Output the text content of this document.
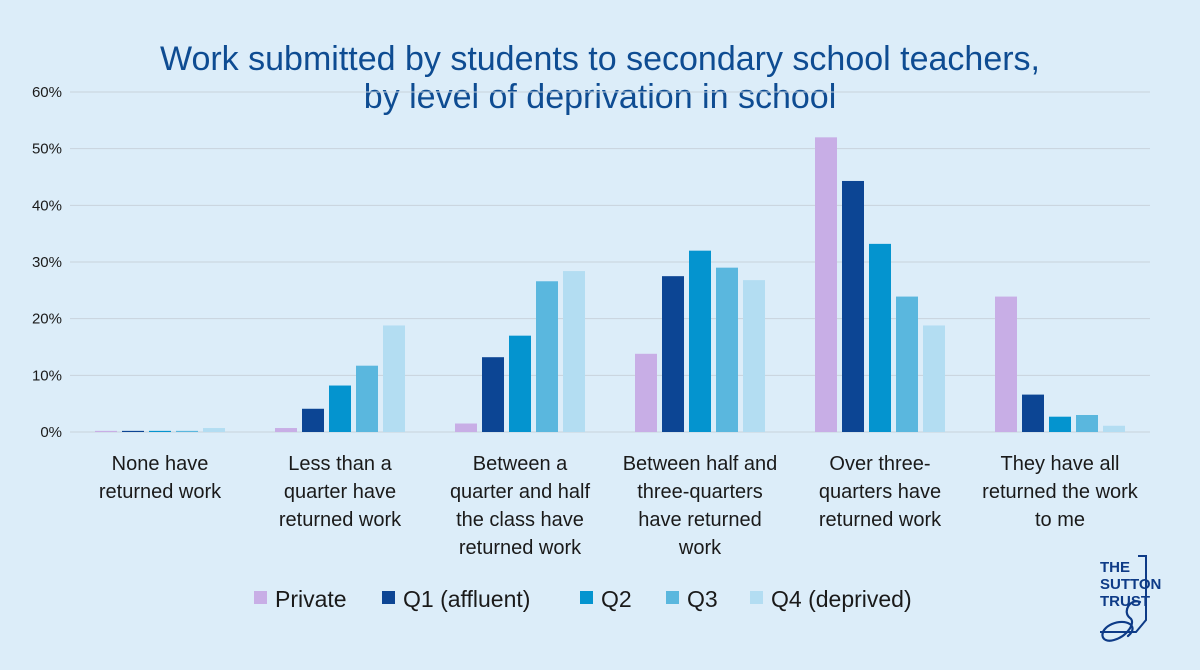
Work submitted by students to secondary school teachers,
by level of deprivation in school
0%
10%
20%
30%
40%
50%
60%
None have returned work
Less than a quarter have returned work
Between a quarter and half the class have returned work
Between half and three-quarters have returned work
Over three-quarters have returned work
They have all returned the work to me
Private Q1 (affluent)	Q2 Q3 Q4 (deprived)
THE
SUTTON
TRUST
